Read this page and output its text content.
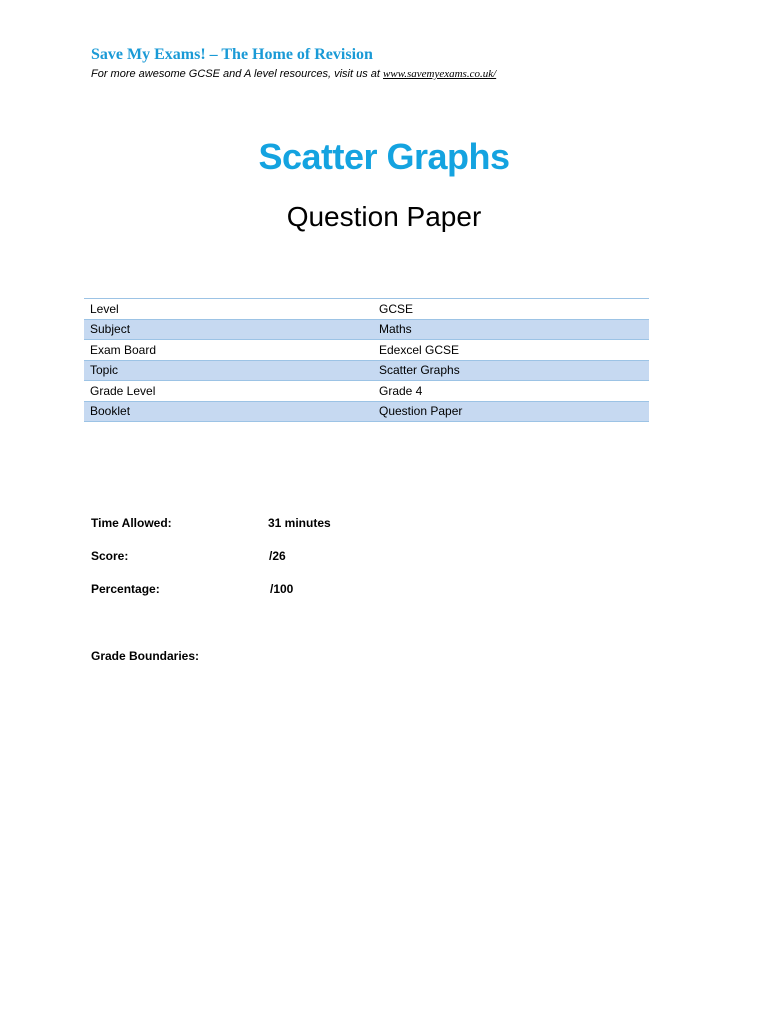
Save My Exams! – The Home of Revision
For more awesome GCSE and A level resources, visit us at www.savemyexams.co.uk/
Scatter Graphs
Question Paper
Level	GCSE
Subject	Maths
Exam Board	Edexcel GCSE
Topic	Scatter Graphs
Grade Level	Grade 4
Booklet	Question Paper
Time Allowed:	31 minutes
Score:	/26
Percentage:	/100
Grade Boundaries:
